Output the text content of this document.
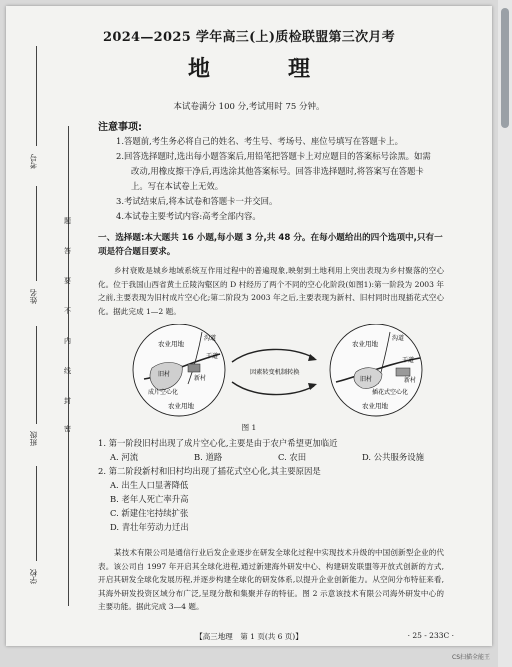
考号
姓名
班级
学校
题
答
要
不
内
线
封
密
2024—2025 学年高三(上)质检联盟第三次月考
地　理
本试卷满分 100 分,考试用时 75 分钟。
注意事项:

1.答题前,考生务必将自己的姓名、考生号、考场号、座位号填写在答题卡上。

2.回答选择题时,选出每小题答案后,用铅笔把答题卡上对应题目的答案标号涂黑。如需改动,用橡皮擦干净后,再选涂其他答案标号。回答非选择题时,将答案写在答题卡上。写在本试卷上无效。

3.考试结束后,将本试卷和答题卡一并交回。

4.本试卷主要考试内容:高考全部内容。

一、选择题:本大题共 16 小题,每小题 3 分,共 48 分。在每小题给出的四个选项中,只有一项是符合题目要求。
乡村衰败是城乡地域系统互作用过程中的普遍现象,映射到土地利用上突出表现为乡村聚落的空心化。位于我国山西省黄土丘陵沟壑区的 D 村经历了两个不同的空心化阶段(如图1):第一阶段为 2003 年之前,主要表现为旧村成片空心化;第二阶段为 2003 年之后,主要表现为新村、旧村同时出现插花式空心化。据此完成 1—2 题。
农业用地
沟道
干道
旧村
新村
成片空心化
农业用地
因素转变机制转换
农业用地
沟道
干道
新村
旧村
插花式空心化
农业用地
图 1
1. 第一阶段旧村出现了成片空心化,主要是由于农户希望更加临近
A. 河流	B. 道路	C. 农田	D. 公共服务设施
2. 第二阶段新村和旧村均出现了插花式空心化,其主要原因是
A. 出生人口显著降低
B. 老年人死亡率升高
C. 新建住宅持续扩张
D. 青壮年劳动力迁出
某技术有限公司是通信行业后发企业逐步在研发全球化过程中实现技术升级的中国创新型企业的代表。该公司自 1997 年开启其全球化进程,通过新建海外研发中心、构建研发联盟等开放式创新的方式,开启其研发全球化发展历程,并逐步构建全球化的研发体系,以提升企业创新能力。从空间分布特征来看,其海外研发投资区域分布广泛,呈现分散和集聚并存的特征。图 2 示意该技术有限公司海外研发中心的主要功能。据此完成 3—4 题。
【高三地理　第 1 页(共 6 页)】	· 25 - 233C ·
CS扫描全能王
